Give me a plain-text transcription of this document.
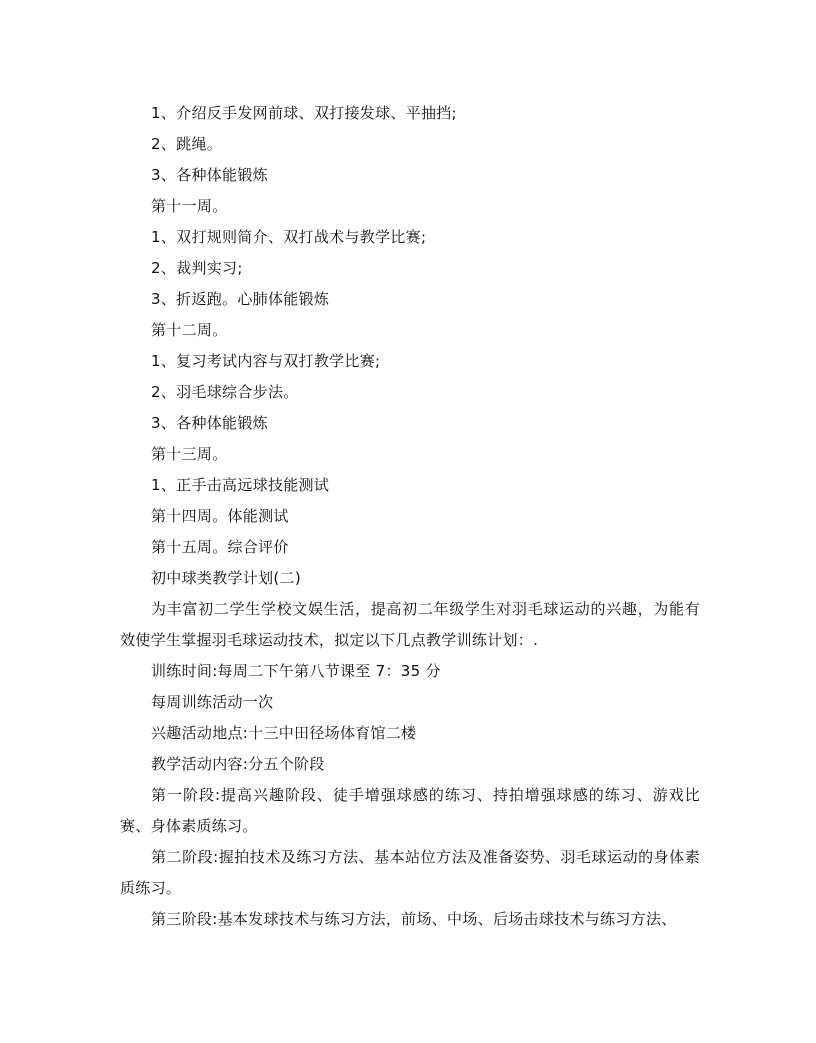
1、介绍反手发网前球、双打接发球、平抽挡;
2、跳绳。
3、各种体能锻炼
第十一周。
1、双打规则简介、双打战术与教学比赛;
2、裁判实习;
3、折返跑。心肺体能锻炼
第十二周。
1、复习考试内容与双打教学比赛;
2、羽毛球综合步法。
3、各种体能锻炼
第十三周。
1、正手击高远球技能测试
第十四周。体能测试
第十五周。综合评价
初中球类教学计划(二)
为丰富初二学生学校文娱生活，提高初二年级学生对羽毛球运动的兴趣，为能有效使学生掌握羽毛球运动技术，拟定以下几点教学训练计划：.
训练时间:每周二下午第八节课至 7：35 分
每周训练活动一次
兴趣活动地点:十三中田径场体育馆二楼
教学活动内容:分五个阶段
第一阶段:提高兴趣阶段、徒手增强球感的练习、持拍增强球感的练习、游戏比赛、身体素质练习。
第二阶段:握拍技术及练习方法、基本站位方法及准备姿势、羽毛球运动的身体素质练习。
第三阶段:基本发球技术与练习方法，前场、中场、后场击球技术与练习方法、
